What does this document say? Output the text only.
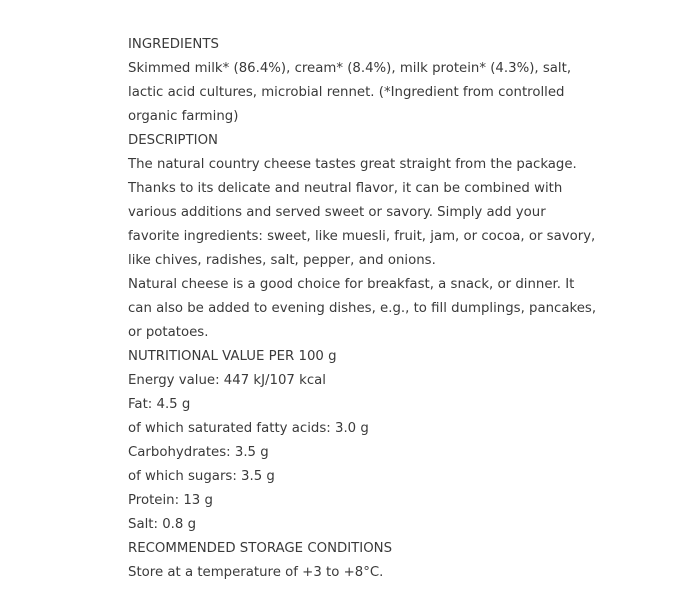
INGREDIENTS
Skimmed milk* (86.4%), cream* (8.4%), milk protein* (4.3%), salt,
lactic acid cultures, microbial rennet. (*Ingredient from controlled
organic farming)
DESCRIPTION
The natural country cheese tastes great straight from the package.
Thanks to its delicate and neutral flavor, it can be combined with
various additions and served sweet or savory. Simply add your
favorite ingredients: sweet, like muesli, fruit, jam, or cocoa, or savory,
like chives, radishes, salt, pepper, and onions.
Natural cheese is a good choice for breakfast, a snack, or dinner. It
can also be added to evening dishes, e.g., to fill dumplings, pancakes,
or potatoes.
NUTRITIONAL VALUE PER 100 g
Energy value: 447 kJ/107 kcal
Fat: 4.5 g
of which saturated fatty acids: 3.0 g
Carbohydrates: 3.5 g
of which sugars: 3.5 g
Protein: 13 g
Salt: 0.8 g
RECOMMENDED STORAGE CONDITIONS
Store at a temperature of +3 to +8°C.
